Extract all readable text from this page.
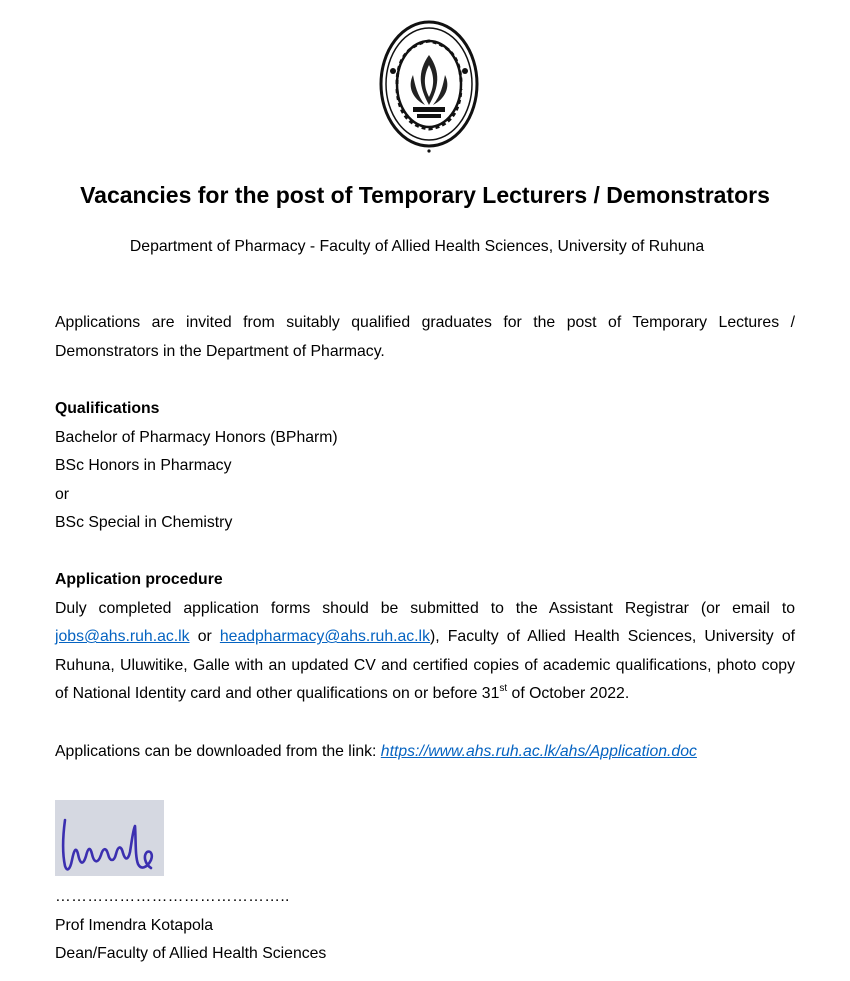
Vacancies for the post of Temporary Lecturers / Demonstrators
Department of Pharmacy - Faculty of Allied Health Sciences, University of Ruhuna

Applications are invited from suitably qualified graduates for the post of Temporary Lectures / Demonstrators in the Department of Pharmacy.

Qualifications
Bachelor of Pharmacy Honors (BPharm)
BSc Honors in Pharmacy
or
BSc Special in Chemistry
Application procedure
Duly completed application forms should be submitted to the Assistant Registrar (or email to jobs@ahs.ruh.ac.lk or headpharmacy@ahs.ruh.ac.lk), Faculty of Allied Health Sciences, University of Ruhuna, Uluwitike, Galle with an updated CV and certified copies of academic qualifications, photo copy of National Identity card and other qualifications on or before 31st of October 2022.
Applications can be downloaded from the link: https://www.ahs.ruh.ac.lk/ahs/Application.doc
……………………………………..
Prof Imendra Kotapola
Dean/Faculty of Allied Health Sciences
